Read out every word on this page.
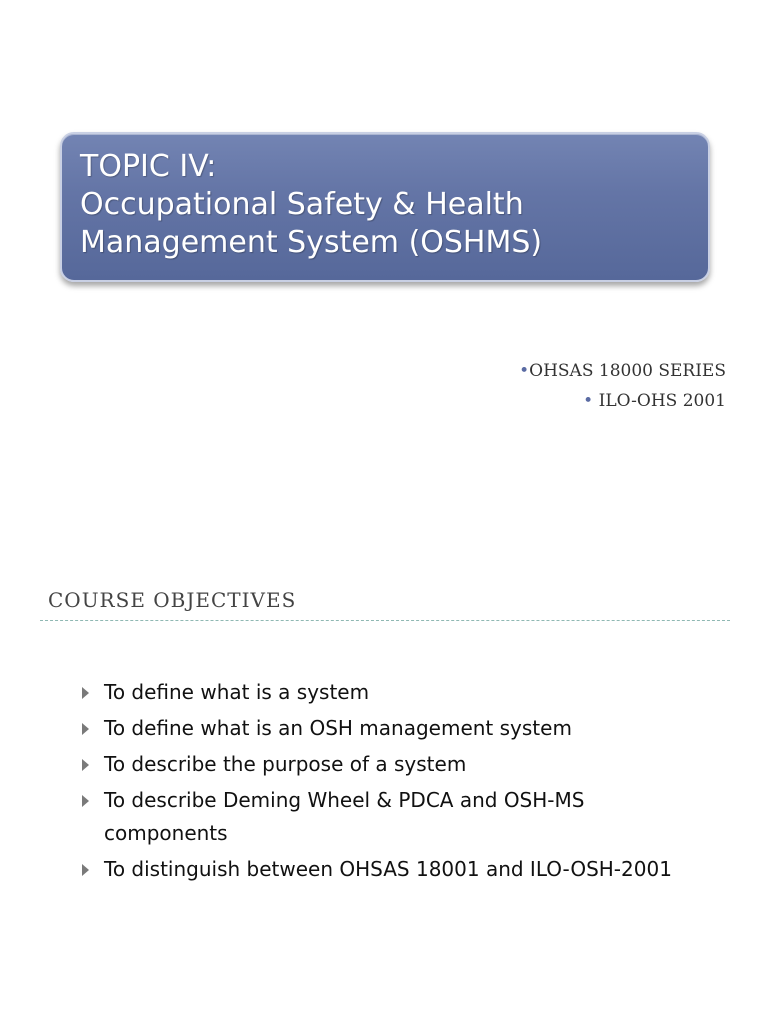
TOPIC IV:
Occupational Safety & Health
Management System (OSHMS)
•OHSAS 18000 SERIES
• ILO-OHS 2001
COURSE OBJECTIVES
To define what is a system
To define what is an OSH management system
To describe the purpose of a system
To describe Deming Wheel & PDCA and OSH-MS components
To distinguish between OHSAS 18001 and ILO-OSH-2001
